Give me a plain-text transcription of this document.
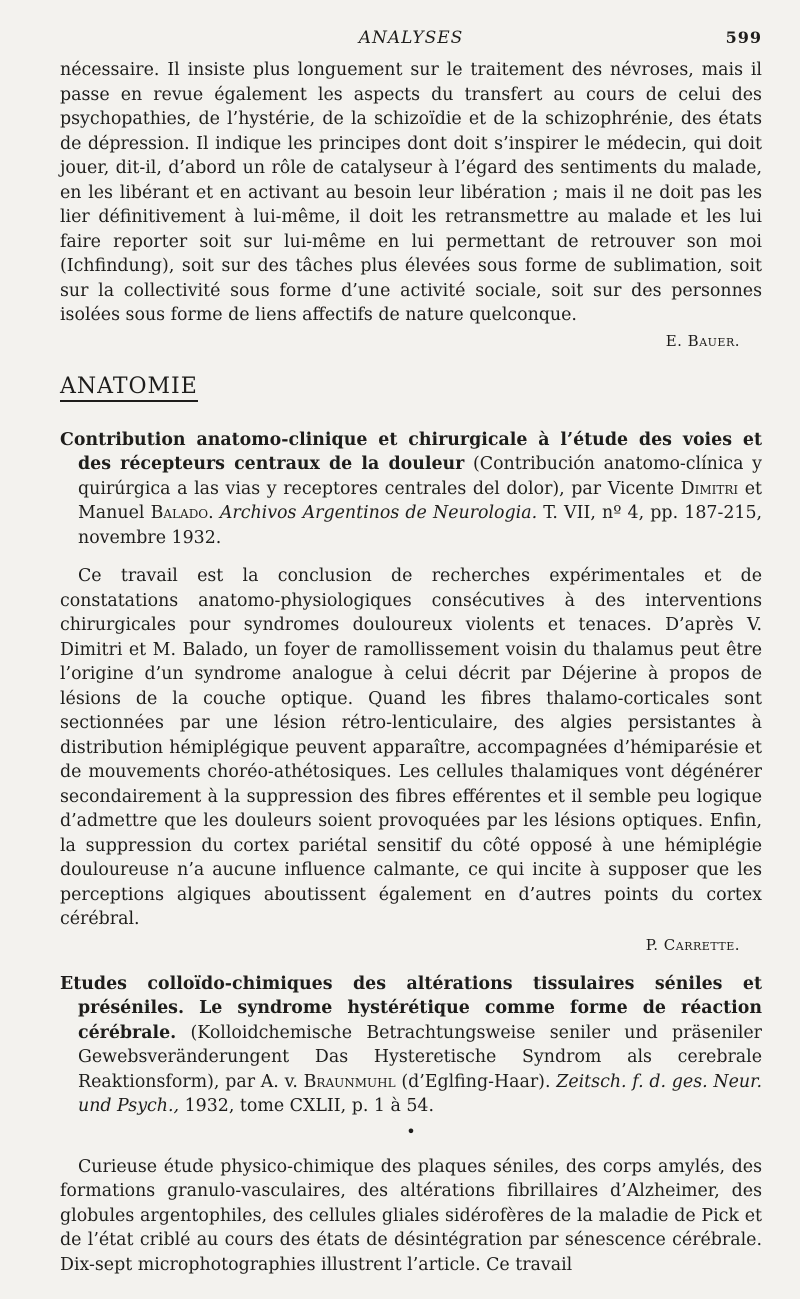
ANALYSES	599

nécessaire. Il insiste plus longuement sur le traitement des névroses, mais il passe en revue également les aspects du transfert au cours de celui des psychopathies, de l’hystérie, de la schizoïdie et de la schizophrénie, des états de dépression. Il indique les principes dont doit s’inspirer le médecin, qui doit jouer, dit-il, d’abord un rôle de catalyseur à l’égard des sentiments du malade, en les libérant et en activant au besoin leur libération ; mais il ne doit pas les lier définitivement à lui-même, il doit les retransmettre au malade et les lui faire reporter soit sur lui-même en lui permettant de retrouver son moi (Ichfindung), soit sur des tâches plus élevées sous forme de sublimation, soit sur la collectivité sous forme d’une activité sociale, soit sur des personnes isolées sous forme de liens affectifs de nature quelconque.

E. Bauer.
ANATOMIE

Contribution anatomo-clinique et chirurgicale à l’étude des voies et des récepteurs centraux de la douleur (Contribución anatomo-clínica y quirúrgica a las vias y receptores centrales del dolor), par Vicente Dimitri et Manuel Balado. Archivos Argentinos de Neurologia. T. VII, nº 4, pp. 187-215, novembre 1932.

Ce travail est la conclusion de recherches expérimentales et de constatations anatomo-physiologiques consécutives à des interventions chirurgicales pour syndromes douloureux violents et tenaces. D’après V. Dimitri et M. Balado, un foyer de ramollissement voisin du thalamus peut être l’origine d’un syndrome analogue à celui décrit par Déjerine à propos de lésions de la couche optique. Quand les fibres thalamo-corticales sont sectionnées par une lésion rétro-lenticulaire, des algies persistantes à distribution hémiplégique peuvent apparaître, accompagnées d’hémiparésie et de mouvements choréo-athétosiques. Les cellules thalamiques vont dégénérer secondairement à la suppression des fibres efférentes et il semble peu logique d’admettre que les douleurs soient provoquées par les lésions optiques. Enfin, la suppression du cortex pariétal sensitif du côté opposé à une hémiplégie douloureuse n’a aucune influence calmante, ce qui incite à supposer que les perceptions algiques aboutissent également en d’autres points du cortex cérébral.

P. Carrette.

Etudes colloïdo-chimiques des altérations tissulaires séniles et préséniles. Le syndrome hystérétique comme forme de réaction cérébrale. (Kolloidchemische Betrachtungsweise seniler und präseniler Gewebsveränderungent Das Hysteretische Syndrom als cerebrale Reaktionsform), par A. v. Braunmuhl (d’Eglfing-Haar). Zeitsch. f. d. ges. Neur. und Psych., 1932, tome CXLII, p. 1 à 54.

•

Curieuse étude physico-chimique des plaques séniles, des corps amylés, des formations granulo-vasculaires, des altérations fibrillaires d’Alzheimer, des globules argentophiles, des cellules gliales sidérofères de la maladie de Pick et de l’état criblé au cours des états de désintégration par sénescence cérébrale. Dix-sept microphotographies illustrent l’article. Ce travail
